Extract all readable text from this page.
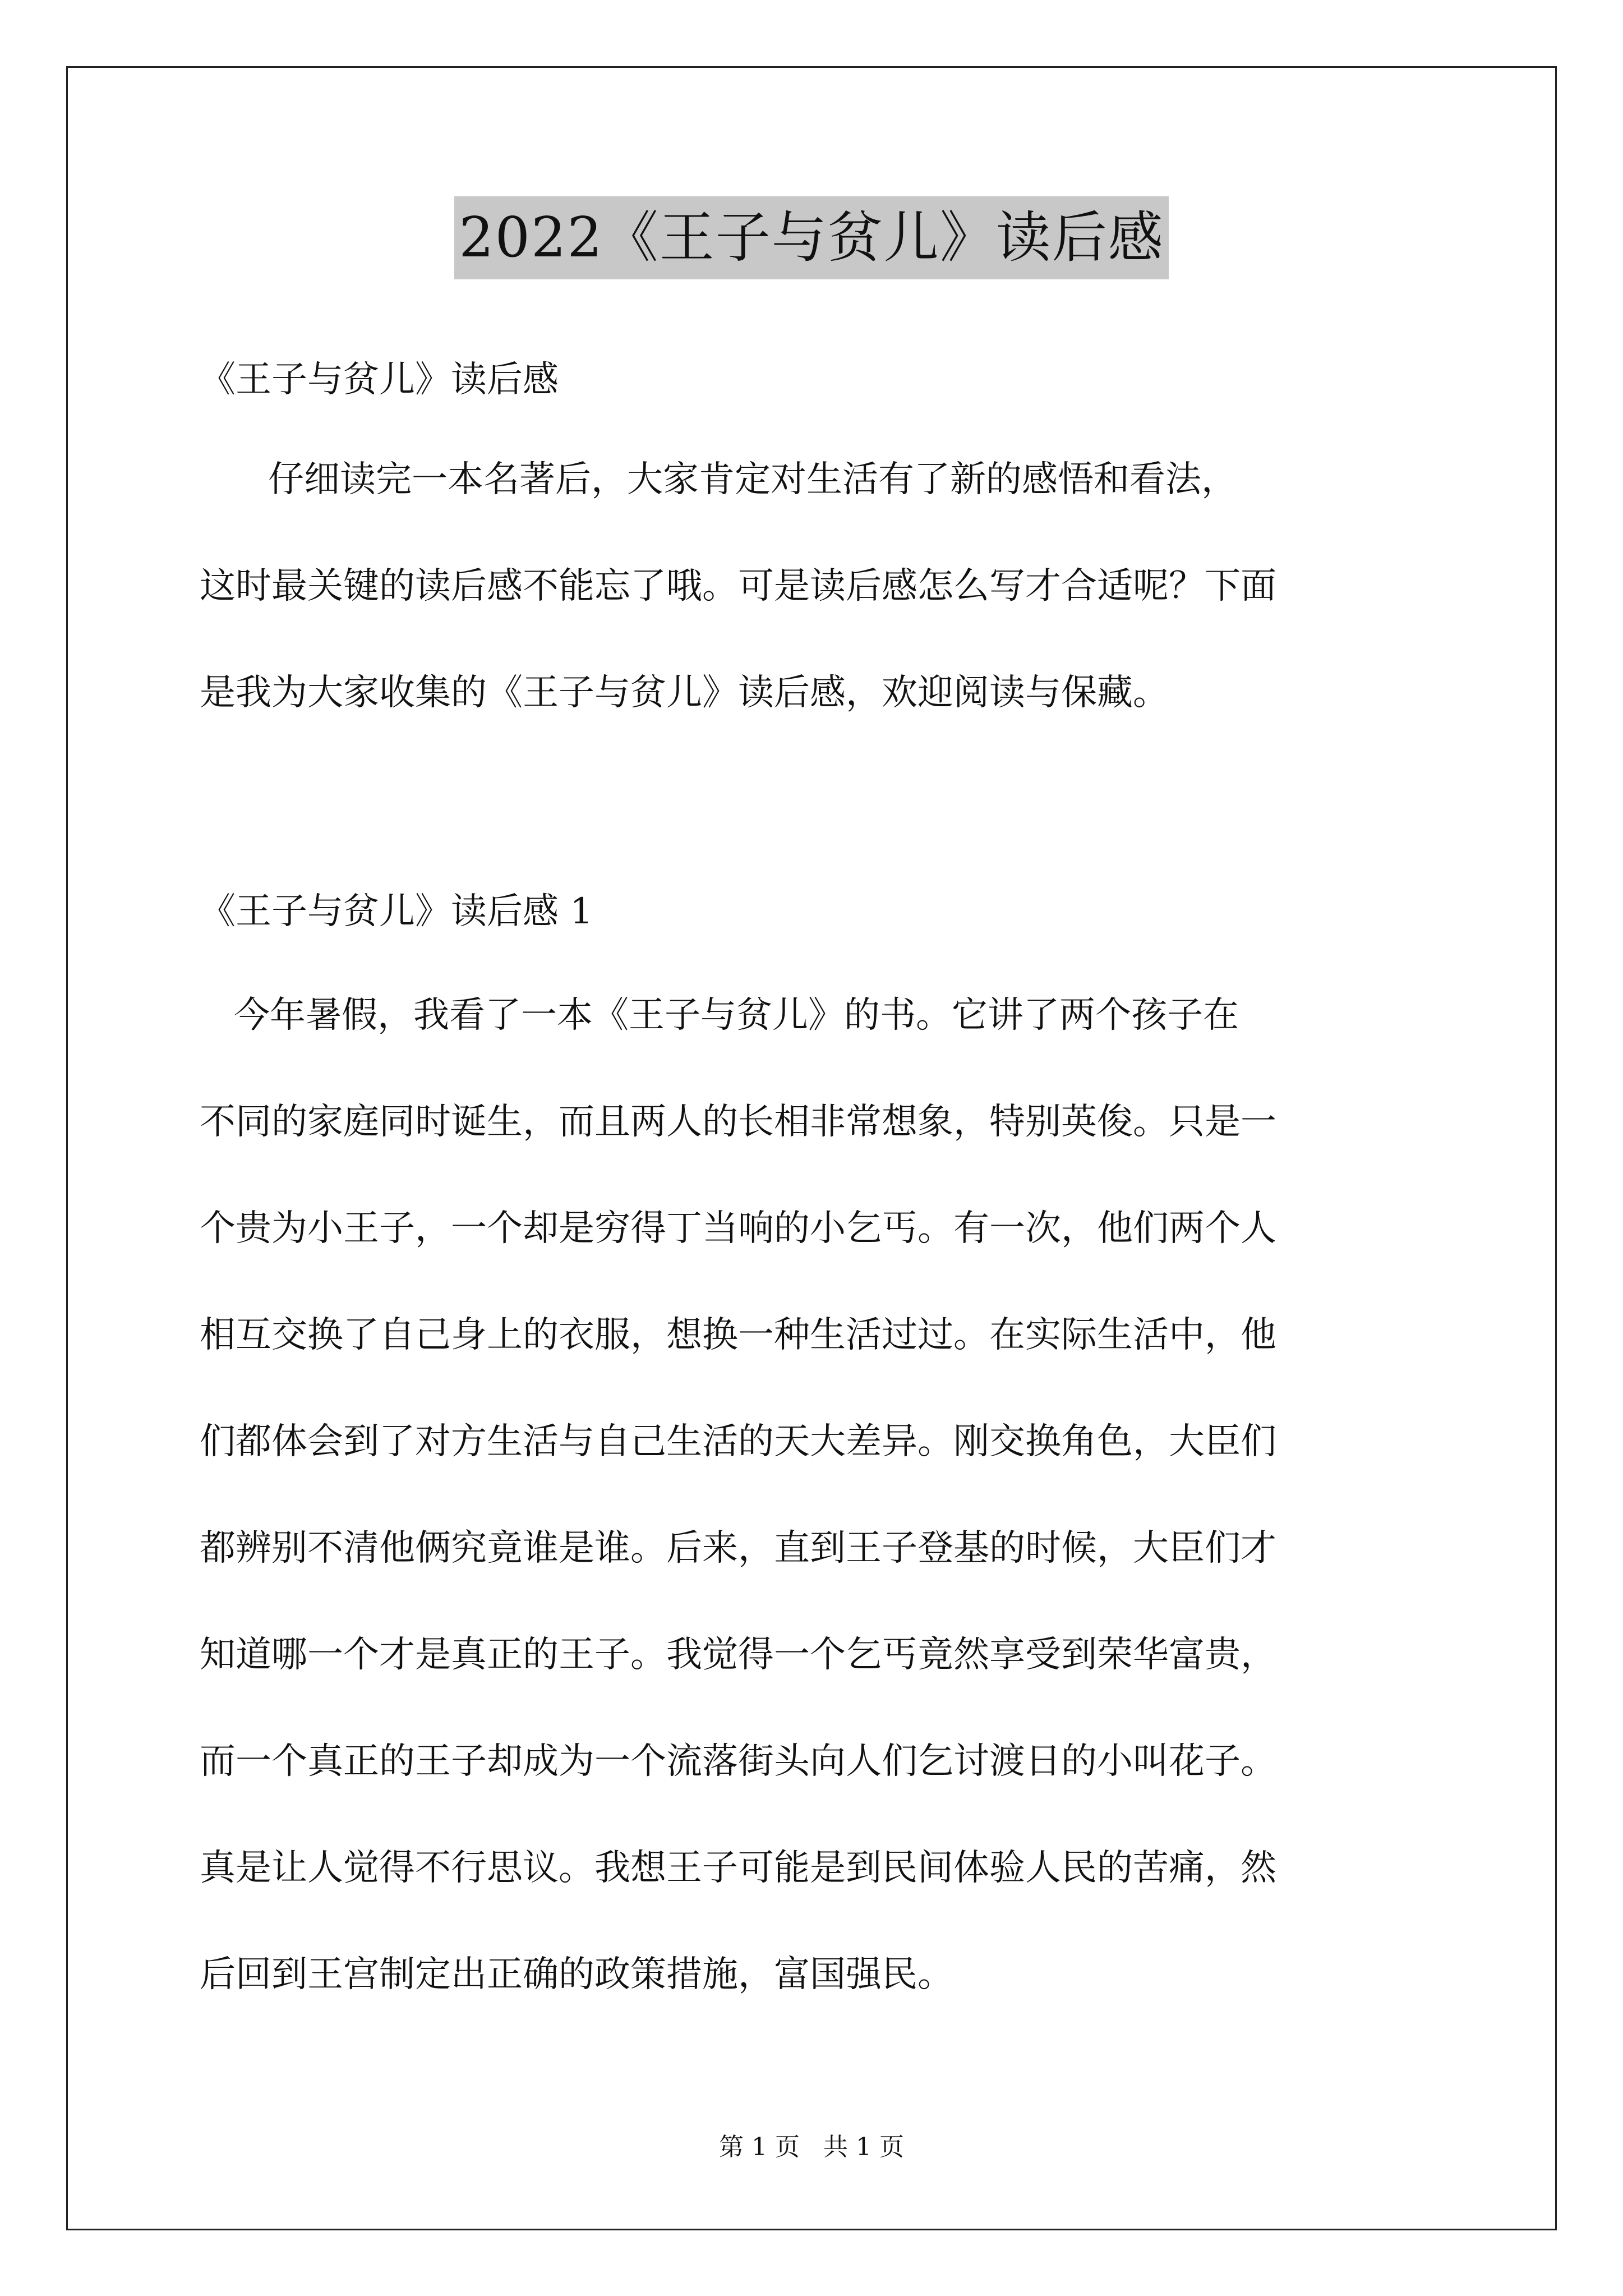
2022《王子与贫儿》读后感
《王子与贫儿》读后感
仔细读完一本名著后，大家肯定对生活有了新的感悟和看法，
这时最关键的读后感不能忘了哦。可是读后感怎么写才合适呢？下面
是我为大家收集的《王子与贫儿》读后感，欢迎阅读与保藏。
《王子与贫儿》读后感 1
今年暑假，我看了一本《王子与贫儿》的书。它讲了两个孩子在
不同的家庭同时诞生，而且两人的长相非常想象，特别英俊。只是一
个贵为小王子，一个却是穷得丁当响的小乞丐。有一次，他们两个人
相互交换了自己身上的衣服，想换一种生活过过。在实际生活中，他
们都体会到了对方生活与自己生活的天大差异。刚交换角色，大臣们
都辨别不清他俩究竟谁是谁。后来，直到王子登基的时候，大臣们才
知道哪一个才是真正的王子。我觉得一个乞丐竟然享受到荣华富贵，
而一个真正的王子却成为一个流落街头向人们乞讨渡日的小叫花子。
真是让人觉得不行思议。我想王子可能是到民间体验人民的苦痛，然
后回到王宫制定出正确的政策措施，富国强民。
第 1 页   共 1 页
